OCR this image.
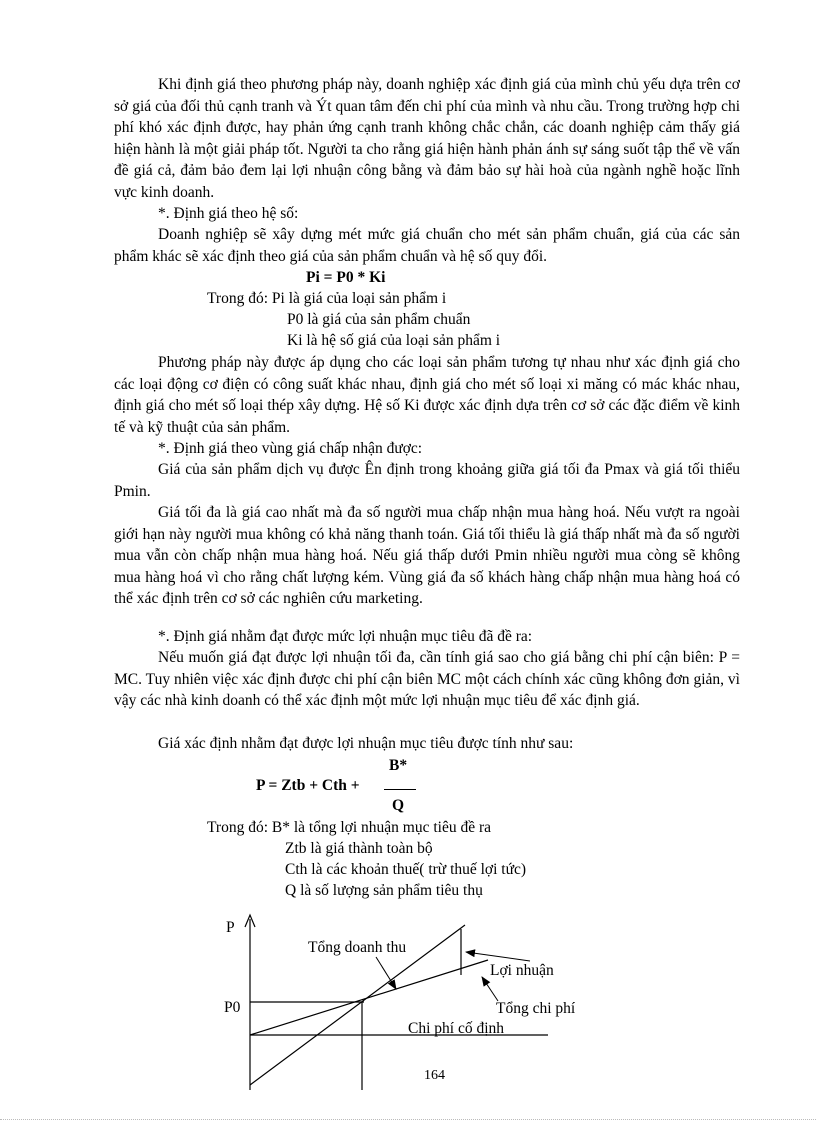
Khi định giá theo phương pháp này, doanh nghiệp xác định giá của mình chủ yếu dựa trên cơ sở giá của đối thủ cạnh tranh và Ýt quan tâm đến chi phí của mình và nhu cầu. Trong trường hợp chi phí khó xác định được, hay phản ứng cạnh tranh không chắc chắn, các doanh nghiệp cảm thấy giá hiện hành là một giải pháp tốt. Người ta cho rằng giá hiện hành phản ánh sự sáng suốt tập thể về vấn đề giá cả, đảm bảo đem lại lợi nhuận công bằng và đảm bảo sự hài hoà của ngành nghề hoặc lĩnh vực kinh doanh.

*. Định giá theo hệ số:

Doanh nghiệp sẽ xây dựng mét mức giá chuẩn cho mét sản phẩm chuẩn, giá của các sản phẩm khác sẽ xác định theo giá của sản phẩm chuẩn và hệ số quy đổi.

Pi = P0 * Ki

Trong đó: Pi là giá của loại sản phẩm i

P0 là giá của sản phẩm chuẩn

Ki là hệ số giá của loại sản phẩm i

Phương pháp này được áp dụng cho các loại sản phẩm tương tự nhau như xác định giá cho các loại động cơ điện có công suất khác nhau, định giá cho mét số loại xi măng có mác khác nhau, định giá cho mét số loại thép xây dựng. Hệ số Ki được xác định dựa trên cơ sở các đặc điểm về kinh tế và kỹ thuật của sản phẩm.

*. Định giá theo vùng giá chấp nhận được:

Giá của sản phẩm dịch vụ được Ên định trong khoảng giữa giá tối đa Pmax và giá tối thiểu Pmin.

Giá tối đa là giá cao nhất mà đa số người mua chấp nhận mua hàng hoá. Nếu vượt ra ngoài giới hạn này người mua không có khả năng thanh toán. Giá tối thiểu là giá thấp nhất mà đa số người mua vẫn còn chấp nhận mua hàng hoá. Nếu giá thấp dưới Pmin nhiều người mua còng sẽ không mua hàng hoá vì cho rằng chất lượng kém. Vùng giá đa số khách hàng chấp nhận mua hàng hoá có thể xác định trên cơ sở các nghiên cứu marketing.

*. Định giá nhằm đạt được mức lợi nhuận mục tiêu đã đề ra:

Nếu muốn giá đạt được lợi nhuận tối đa, cần tính giá sao cho giá bằng chi phí cận biên: P = MC. Tuy nhiên việc xác định được chi phí cận biên MC một cách chính xác cũng không đơn giản, vì vậy các nhà kinh doanh có thể xác định một mức lợi nhuận mục tiêu để xác định giá.

Giá xác định nhằm đạt được lợi nhuận mục tiêu được tính như sau:

B*

P = Ztb + Cth +

Q

Trong đó: B* là tổng lợi nhuận mục tiêu đề ra

Ztb là giá thành toàn bộ

Cth là các khoản thuế( trừ thuế lợi tức)

Q là số lượng sản phẩm tiêu thụ

P
P0
Tổng doanh thu
Lợi nhuận
Tổng chi phí
Chi phí cố định

164
